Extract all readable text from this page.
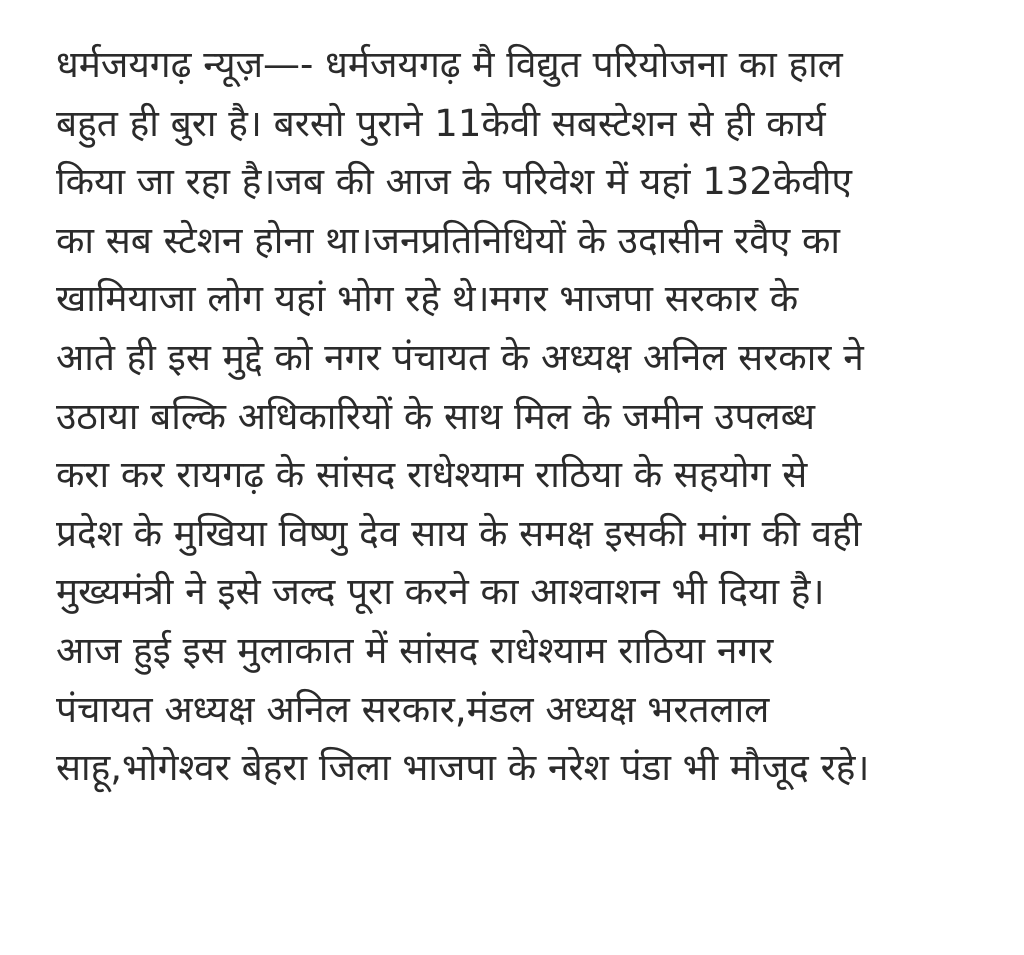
धर्मजयगढ़ न्यूज़—- धर्मजयगढ़ मै विद्युत परियोजना का हाल
बहुत ही बुरा है। बरसो पुराने 11केवी सबस्टेशन से ही कार्य
किया जा रहा है।जब की आज के परिवेश में यहां 132केवीए
का सब स्टेशन होना था।जनप्रतिनिधियों के उदासीन रवैए का
खामियाजा लोग यहां भोग रहे थे।मगर भाजपा सरकार के
आते ही इस मुद्दे को नगर पंचायत के अध्यक्ष अनिल सरकार ने
उठाया बल्कि अधिकारियों के साथ मिल के जमीन उपलब्ध
करा कर रायगढ़ के सांसद राधेश्याम राठिया के सहयोग से
प्रदेश के मुखिया विष्णु देव साय के समक्ष इसकी मांग की वही
मुख्यमंत्री ने इसे जल्द पूरा करने का आश्वाशन भी दिया है।
आज हुई इस मुलाकात में सांसद राधेश्याम राठिया नगर
पंचायत अध्यक्ष अनिल सरकार,मंडल अध्यक्ष भरतलाल
साहू,भोगेश्वर बेहरा जिला भाजपा के नरेश पंडा भी मौजूद रहे।
